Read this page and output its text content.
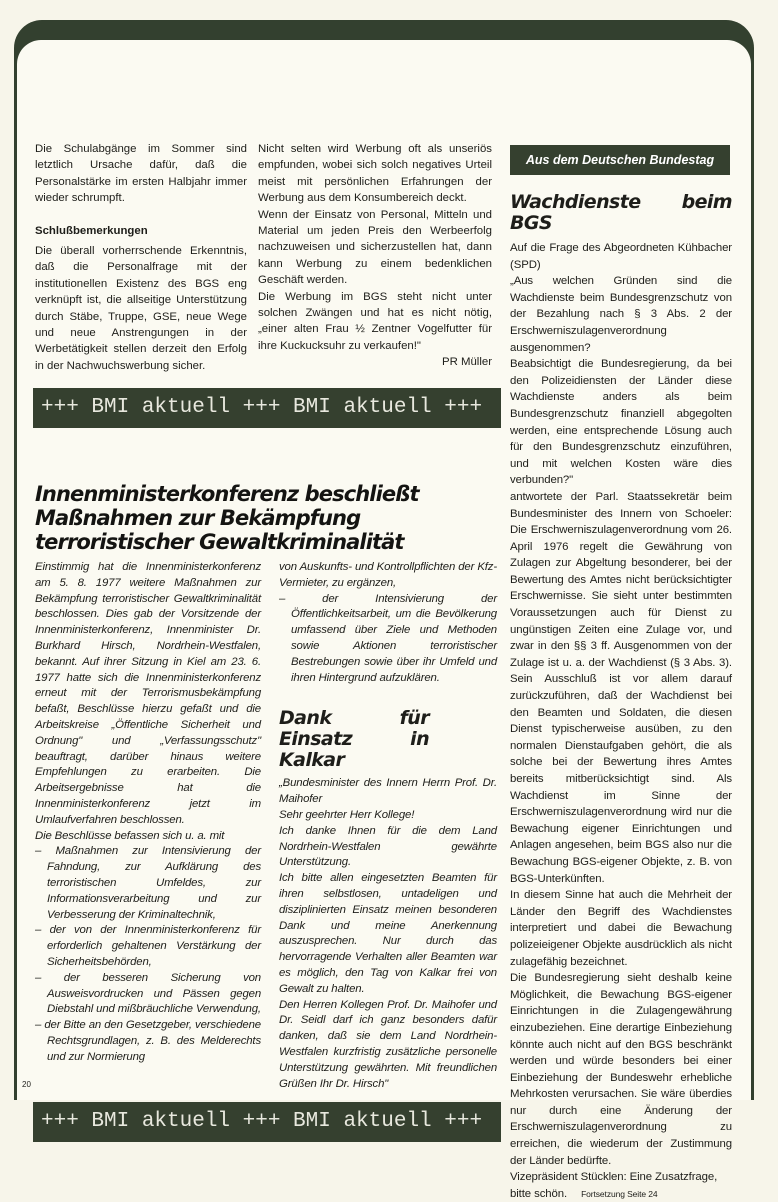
Die Schulabgänge im Sommer sind letztlich Ursache dafür, daß die Personalstärke im ersten Halbjahr immer wieder schrumpft.

Schlußbemerkungen

Die überall vorherrschende Erkenntnis, daß die Personalfrage mit der institutionellen Existenz des BGS eng verknüpft ist, die allseitige Unterstützung durch Stäbe, Truppe, GSE, neue Wege und neue Anstrengungen in der Werbetätigkeit stellen derzeit den Erfolg in der Nachwuchswerbung sicher.

Nicht selten wird Werbung oft als unseriös empfunden, wobei sich solch negatives Urteil meist mit persönlichen Erfahrungen der Werbung aus dem Konsumbereich deckt.

Wenn der Einsatz von Personal, Mitteln und Material um jeden Preis den Werbeerfolg nachzuweisen und sicherzustellen hat, dann kann Werbung zu einem bedenklichen Geschäft werden.

Die Werbung im BGS steht nicht unter solchen Zwängen und hat es nicht nötig, „einer alten Frau ½ Zentner Vogelfutter für ihre Kuckucksuhr zu verkaufen!"

PR Müller

+++ BMI aktuell +++ BMI aktuell +++
Innenministerkonferenz beschließt Maßnahmen zur Bekämpfung terroristischer Gewaltkriminalität

Einstimmig hat die Innenministerkonferenz am 5. 8. 1977 weitere Maßnahmen zur Bekämpfung terroristischer Gewaltkriminalität beschlossen. Dies gab der Vorsitzende der Innenministerkonferenz, Innenminister Dr. Burkhard Hirsch, Nordrhein-Westfalen, bekannt. Auf ihrer Sitzung in Kiel am 23. 6. 1977 hatte sich die Innenministerkonferenz erneut mit der Terrorismusbekämpfung befaßt, Beschlüsse hierzu gefaßt und die Arbeitskreise „Öffentliche Sicherheit und Ordnung" und „Verfassungsschutz" beauftragt, darüber hinaus weitere Empfehlungen zu erarbeiten. Die Arbeitsergebnisse hat die Innenministerkonferenz jetzt im Umlaufverfahren beschlossen.

Die Beschlüsse befassen sich u. a. mit

– Maßnahmen zur Intensivierung der Fahndung, zur Aufklärung des terroristischen Umfeldes, zur Informationsverarbeitung und zur Verbesserung der Kriminaltechnik,

– der von der Innenministerkonferenz für erforderlich gehaltenen Verstärkung der Sicherheitsbehörden,

– der besseren Sicherung von Ausweisvordrucken und Pässen gegen Diebstahl und mißbräuchliche Verwendung,

– der Bitte an den Gesetzgeber, verschiedene Rechtsgrundlagen, z. B. des Melderechts und zur Normierung

von Auskunfts- und Kontrollpflichten der Kfz-Vermieter, zu ergänzen,

– der Intensivierung der Öffentlichkeitsarbeit, um die Bevölkerung umfassend über Ziele und Methoden sowie Aktionen terroristischer Bestrebungen sowie über ihr Umfeld und ihren Hintergrund aufzuklären.

Dank für Einsatz in Kalkar

„Bundesminister des Innern Herrn Prof. Dr. Maihofer

Sehr geehrter Herr Kollege!

Ich danke Ihnen für die dem Land Nordrhein-Westfalen gewährte Unterstützung.

Ich bitte allen eingesetzten Beamten für ihren selbstlosen, untadeligen und disziplinierten Einsatz meinen besonderen Dank und meine Anerkennung auszusprechen. Nur durch das hervorragende Verhalten aller Beamten war es möglich, den Tag von Kalkar frei von Gewalt zu halten.

Den Herren Kollegen Prof. Dr. Maihofer und Dr. Seidl darf ich ganz besonders dafür danken, daß sie dem Land Nordrhein-Westfalen kurzfristig zusätzliche personelle Unterstützung gewährten. Mit freundlichen Grüßen Ihr Dr. Hirsch"

+++ BMI aktuell +++ BMI aktuell +++
Aus dem Deutschen Bundestag
Wachdienste beim BGS

Auf die Frage des Abgeordneten Kühbacher (SPD)

„Aus welchen Gründen sind die Wachdienste beim Bundesgrenzschutz von der Bezahlung nach § 3 Abs. 2 der Erschwerniszulagenverordnung ausgenommen?

Beabsichtigt die Bundesregierung, da bei den Polizeidiensten der Länder diese Wachdienste anders als beim Bundesgrenzschutz finanziell abgegolten werden, eine entsprechende Lösung auch für den Bundesgrenzschutz einzuführen, und mit welchen Kosten wäre dies verbunden?"

antwortete der Parl. Staatssekretär beim Bundesminister des Innern von Schoeler: Die Erschwerniszulagenverordnung vom 26. April 1976 regelt die Gewährung von Zulagen zur Abgeltung besonderer, bei der Bewertung des Amtes nicht berücksichtigter Erschwernisse. Sie sieht unter bestimmten Voraussetzungen auch für Dienst zu ungünstigen Zeiten eine Zulage vor, und zwar in den §§ 3 ff. Ausgenommen von der Zulage ist u. a. der Wachdienst (§ 3 Abs. 3). Sein Ausschluß ist vor allem darauf zurückzuführen, daß der Wachdienst bei den Beamten und Soldaten, die diesen Dienst typischerweise ausüben, zu den normalen Dienstaufgaben gehört, die als solche bei der Bewertung ihres Amtes bereits mitberücksichtigt sind. Als Wachdienst im Sinne der Erschwerniszulagenverordnung wird nur die Bewachung eigener Einrichtungen und Anlagen angesehen, beim BGS also nur die Bewachung BGS-eigener Objekte, z. B. von BGS-Unterkünften.

In diesem Sinne hat auch die Mehrheit der Länder den Begriff des Wachdienstes interpretiert und dabei die Bewachung polizeieigener Objekte ausdrücklich als nicht zulagefähig bezeichnet.

Die Bundesregierung sieht deshalb keine Möglichkeit, die Bewachung BGS-eigener Einrichtungen in die Zulagengewährung einzubeziehen. Eine derartige Einbeziehung könnte auch nicht auf den BGS beschränkt werden und würde besonders bei einer Einbeziehung der Bundeswehr erhebliche Mehrkosten verursachen. Sie wäre überdies nur durch eine Änderung der Erschwerniszulagenverordnung zu erreichen, die wiederum der Zustimmung der Länder bedürfte.

Vizepräsident Stücklen: Eine Zusatzfrage, bitte schön. Fortsetzung Seite 24

20
